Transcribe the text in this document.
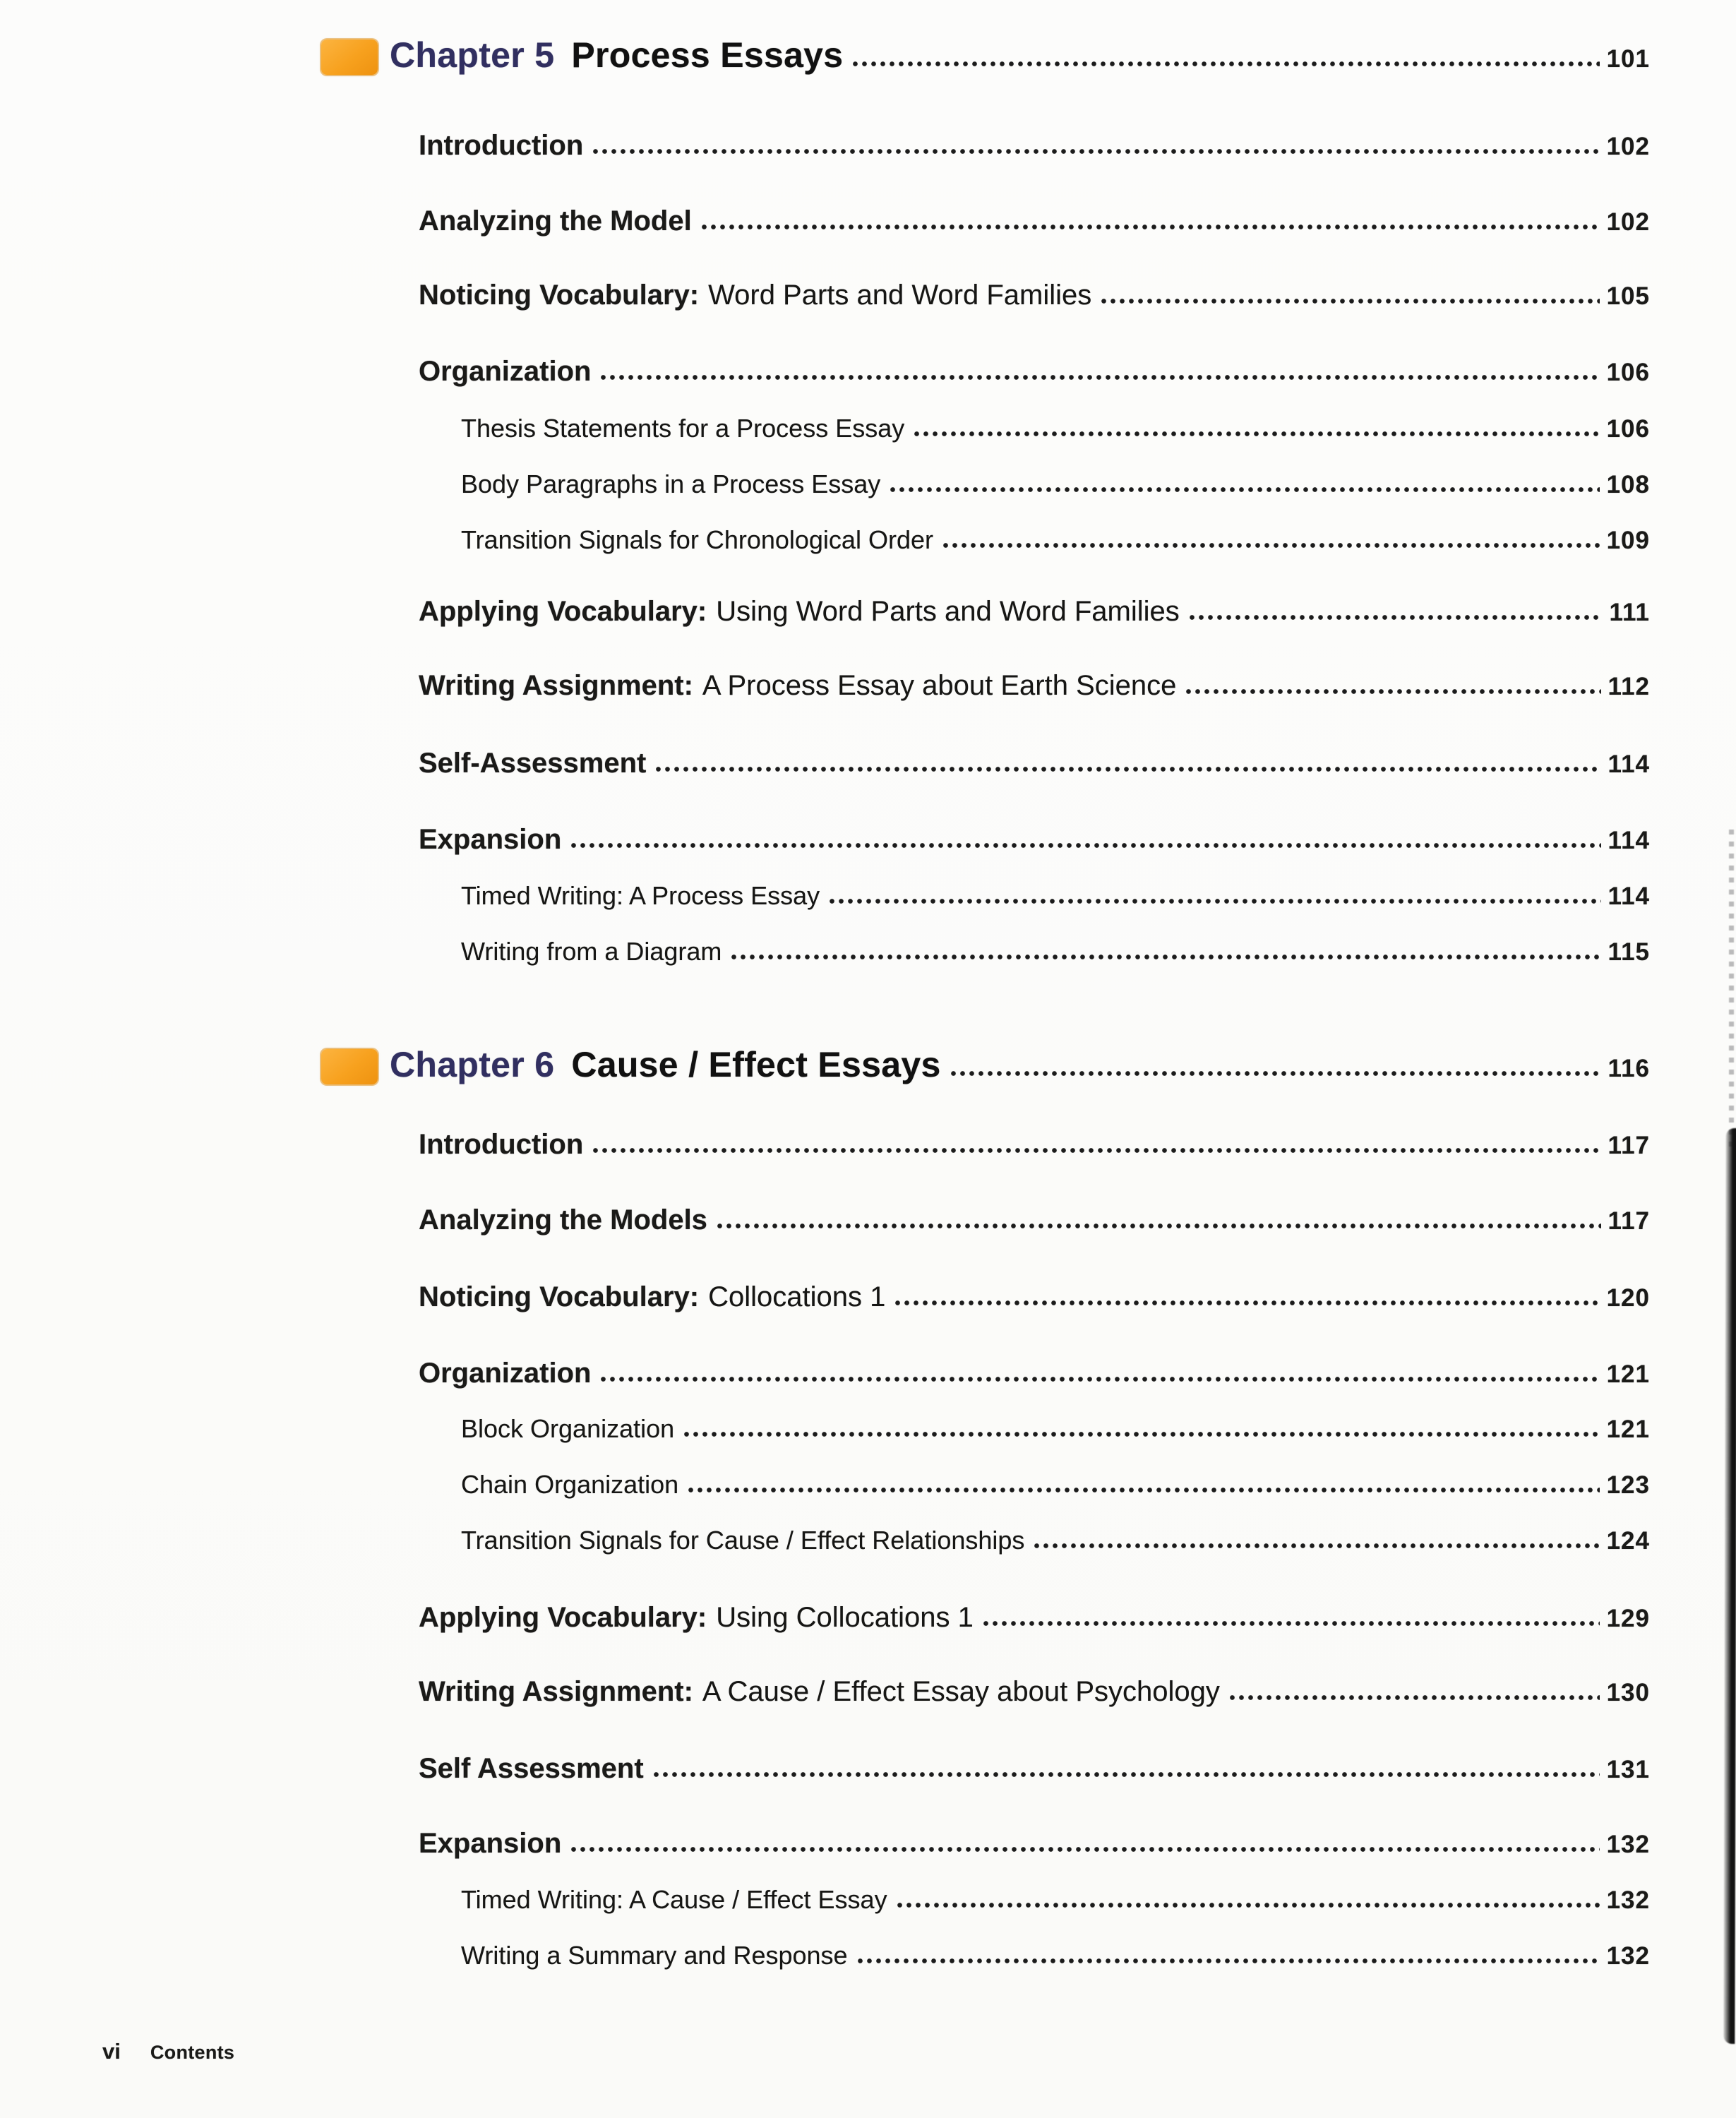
Chapter 5 Process Essays	101
Introduction	102
Analyzing the Model	102
Noticing Vocabulary: Word Parts and Word Families	105
Organization	106
Thesis Statements for a Process Essay	106
Body Paragraphs in a Process Essay	108
Transition Signals for Chronological Order	109
Applying Vocabulary: Using Word Parts and Word Families	111
Writing Assignment: A Process Essay about Earth Science	112
Self-Assessment	114
Expansion	114
Timed Writing: A Process Essay	114
Writing from a Diagram	115
Chapter 6 Cause / Effect Essays	116
Introduction	117
Analyzing the Models	117
Noticing Vocabulary: Collocations 1	120
Organization	121
Block Organization	121
Chain Organization	123
Transition Signals for Cause / Effect Relationships	124
Applying Vocabulary: Using Collocations 1	129
Writing Assignment: A Cause / Effect Essay about Psychology	130
Self Assessment	131
Expansion	132
Timed Writing: A Cause / Effect Essay	132
Writing a Summary and Response	132
vi Contents
